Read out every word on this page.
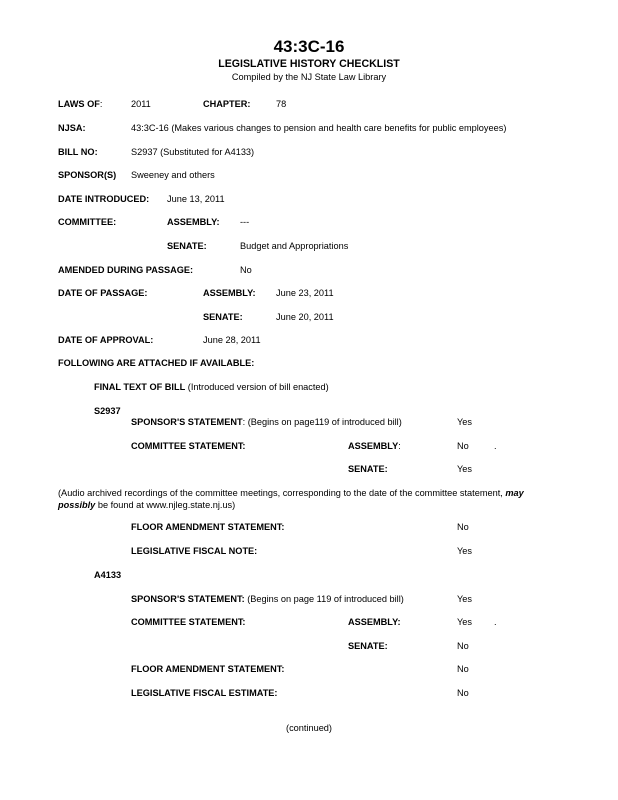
43:3C-16
LEGISLATIVE HISTORY CHECKLIST
Compiled by the NJ State Law Library
LAWS OF:	2011	CHAPTER:	78
NJSA:	43:3C-16 (Makes various changes to pension and health care benefits for public employees)
BILL NO:	S2937 (Substituted for A4133)
SPONSOR(S) Sweeney and others
DATE INTRODUCED: June 13, 2011
COMMITTEE:	ASSEMBLY: ---
SENATE:	Budget and Appropriations
AMENDED DURING PASSAGE:	No
DATE OF PASSAGE:	ASSEMBLY: June 23, 2011
SENATE:	June 20, 2011
DATE OF APPROVAL:	June 28, 2011
FOLLOWING ARE ATTACHED IF AVAILABLE:
FINAL TEXT OF BILL (Introduced version of bill enacted)
S2937
SPONSOR'S STATEMENT: (Begins on page119 of introduced bill)	Yes
COMMITTEE STATEMENT:	ASSEMBLY:	No	.
SENATE:	Yes
(Audio archived recordings of the committee meetings, corresponding to the date of the committee statement, may possibly be found at www.njleg.state.nj.us)
FLOOR AMENDMENT STATEMENT:	No
LEGISLATIVE FISCAL NOTE:	Yes
A4133
SPONSOR'S STATEMENT: (Begins on page 119 of introduced bill)	Yes
COMMITTEE STATEMENT:	ASSEMBLY:	Yes .
SENATE:	No
FLOOR AMENDMENT STATEMENT:	No
LEGISLATIVE FISCAL ESTIMATE:	No
(continued)
